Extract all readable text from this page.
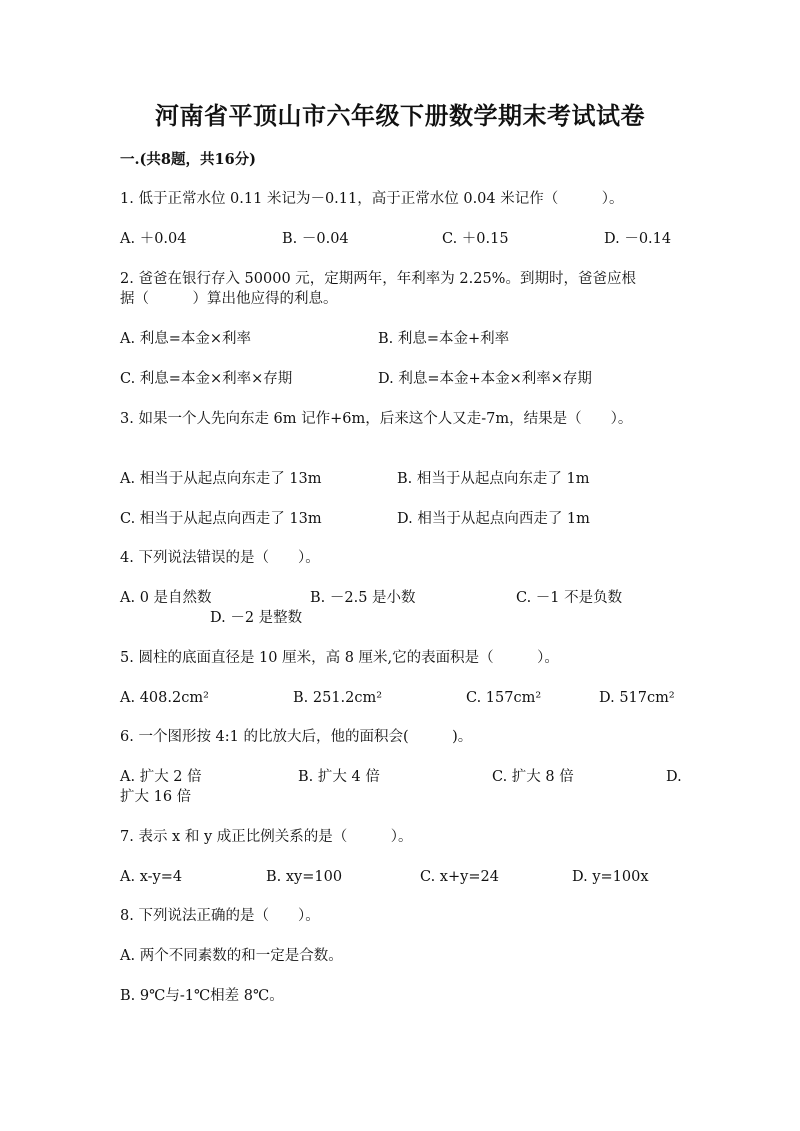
河南省平顶山市六年级下册数学期末考试试卷
一.(共8题，共16分)
1. 低于正常水位 0.11 米记为－0.11，高于正常水位 0.04 米记作（　　　）。
A. ＋0.04	B. －0.04	C. ＋0.15	D. －0.14
2. 爸爸在银行存入 50000 元，定期两年，年利率为 2.25%。到期时，爸爸应根
据（　　　）算出他应得的利息。
A. 利息=本金×利率	B. 利息=本金+利率
C. 利息=本金×利率×存期	D. 利息=本金+本金×利率×存期
3. 如果一个人先向东走 6m 记作+6m，后来这个人又走-7m，结果是（　　）。
A. 相当于从起点向东走了 13m	B. 相当于从起点向东走了 1m
C. 相当于从起点向西走了 13m	D. 相当于从起点向西走了 1m
4. 下列说法错误的是（　　）。
A. 0 是自然数	B. －2.5 是小数	C. －1 不是负数
D. －2 是整数
5. 圆柱的底面直径是 10 厘米，高 8 厘米,它的表面积是（　　　）。
A. 408.2cm²	B. 251.2cm²	C. 157cm²	D. 517cm²
6. 一个图形按 4:1 的比放大后，他的面积会(　　　)。
A. 扩大 2 倍	B. 扩大 4 倍	C. 扩大 8 倍	D.
扩大 16 倍
7. 表示 x 和 y 成正比例关系的是（　　　）。
A. x-y=4	B. xy=100	C. x+y=24	D. y=100x
8. 下列说法正确的是（　　）。
A. 两个不同素数的和一定是合数。
B. 9℃与-1℃相差 8℃。
